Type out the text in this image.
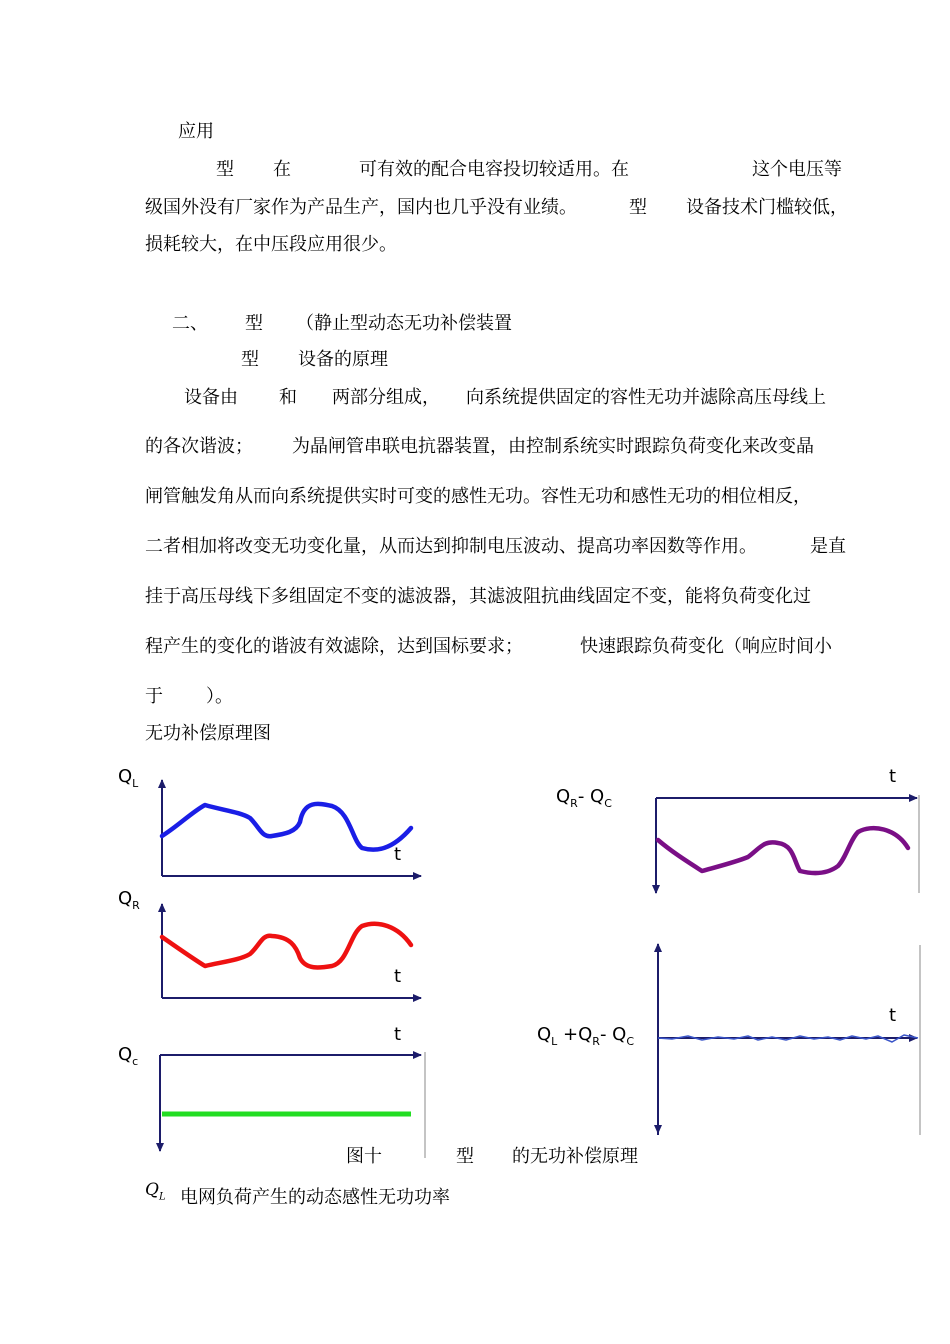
应用
型 在	可有效的配合电容投切较适用。在	这个电压等
级国外没有厂家作为产品生产，国内也几乎没有业绩。	型 设备技术门槛较低，
损耗较大，在中压段应用很少。
二、 型 （静止型动态无功补偿装置
型 设备的原理
设备由 和 两部分组成， 向系统提供固定的容性无功并滤除高压母线上
的各次谐波； 为晶闸管串联电抗器装置，由控制系统实时跟踪负荷变化来改变晶
闸管触发角从而向系统提供实时可变的感性无功。容性无功和感性无功的相位相反，
二者相加将改变无功变化量，从而达到抑制电压波动、提高功率因数等作用。	是直
挂于高压母线下多组固定不变的滤波器，其滤波阻抗曲线固定不变，能将负荷变化过
程产生的变化的谐波有效滤除，达到国标要求；	快速跟踪负荷变化（响应时间小
于 ）。
无功补偿原理图
$Q_L$
t
$Q_R$
t
$Q_c$
t
$Q_R-$ $Q_C$
t
$Q_L +Q_R-$ $Q_C$
t
图十	型 的无功补偿原理
$Q_L$ 电网负荷产生的动态感性无功功率
